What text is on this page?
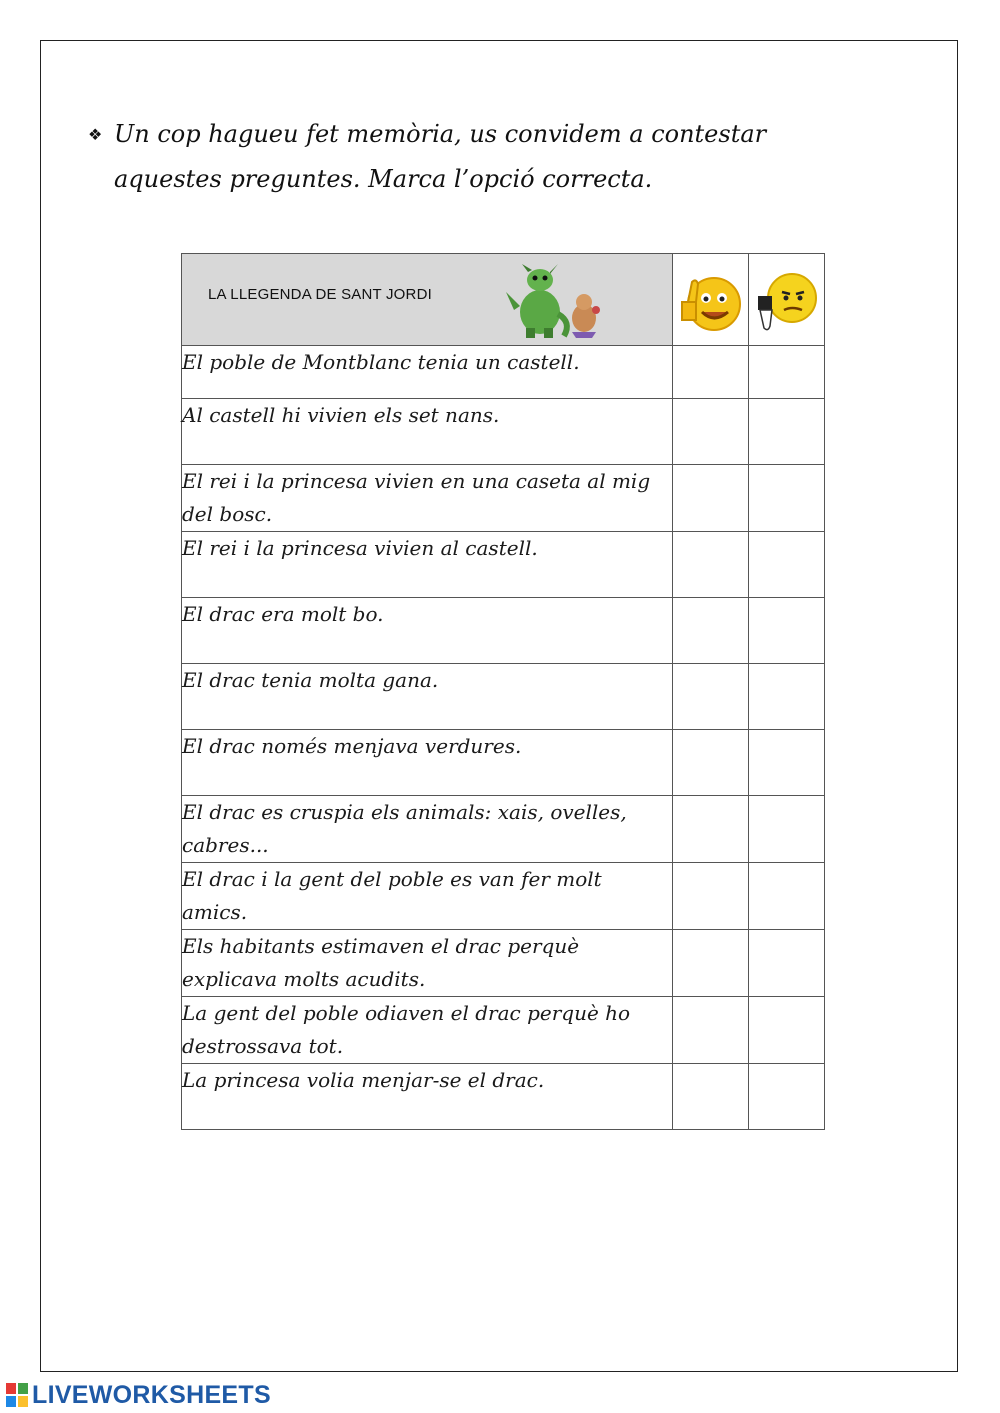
❖ Un cop hagueu fet memòria, us convidem a contestar
aquestes preguntes. Marca l’opció correcta.
LA LLEGENDA DE SANT JORDI

El poble de Montblanc tenia un castell.		
Al castell hi vivien els set nans.		
El rei i la princesa vivien en una caseta al mig del bosc.		
El rei i la princesa vivien al castell.		
El drac era molt bo.		
El drac tenia molta gana.		
El drac només menjava verdures.		
El drac es cruspia els animals: xais, ovelles, cabres...		
El drac i la gent del poble es van fer molt amics.		
Els habitants estimaven el drac perquè explicava molts acudits.		
La gent del poble odiaven el drac perquè ho destrossava tot.		
La princesa volia menjar-se el drac.		
LIVEWORKSHEETS
